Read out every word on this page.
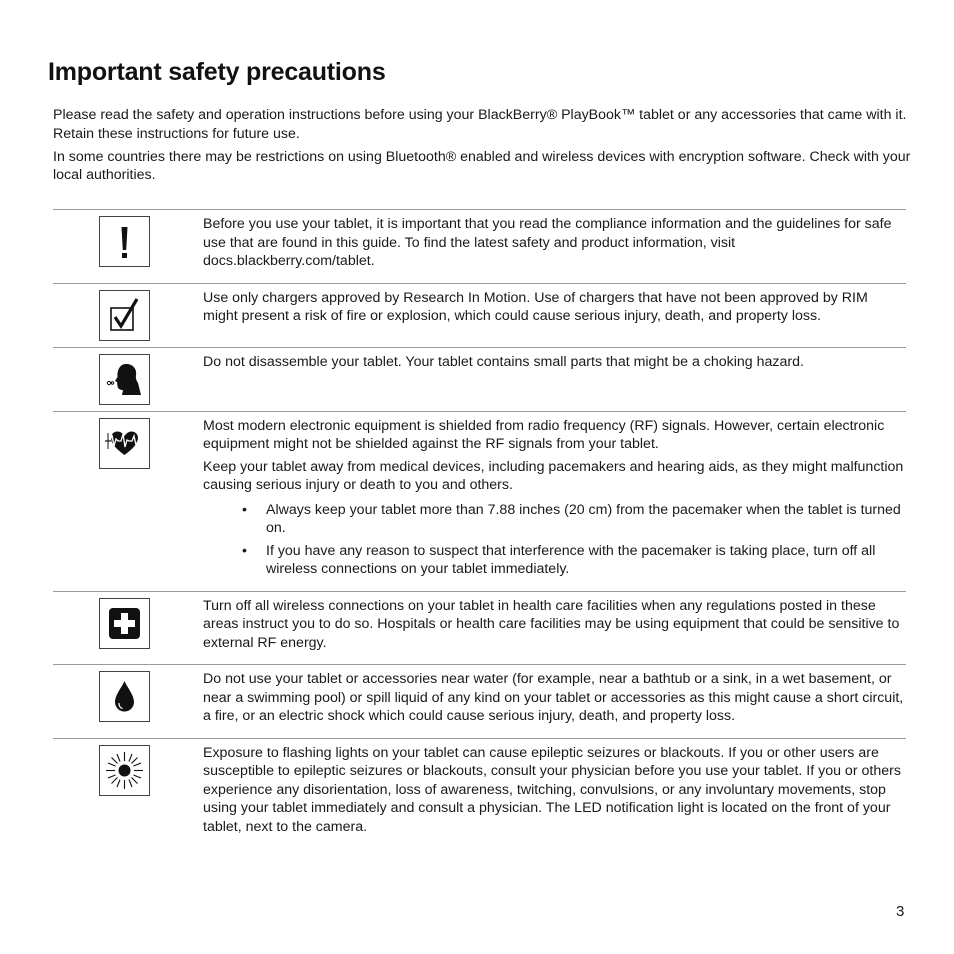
Important safety precautions

Please read the safety and operation instructions before using your BlackBerry® PlayBook™ tablet or any accessories that came with it. Retain these instructions for future use.

In some countries there may be restrictions on using Bluetooth® enabled and wireless devices with encryption software. Check with your local authorities.

Before you use your tablet, it is important that you read the compliance information and the guidelines for safe use that are found in this guide. To find the latest safety and product information, visit docs.blackberry.com/tablet.

Use only chargers approved by Research In Motion. Use of chargers that have not been approved by RIM might present a risk of fire or explosion, which could cause serious injury, death, and property loss.

Do not disassemble your tablet. Your tablet contains small parts that might be a choking hazard.

Most modern electronic equipment is shielded from radio frequency (RF) signals. However, certain electronic equipment might not be shielded against the RF signals from your tablet.

Keep your tablet away from medical devices, including pacemakers and hearing aids, as they might malfunction causing serious injury or death to you and others.

• Always keep your tablet more than 7.88 inches (20 cm) from the pacemaker when the tablet is turned on.
• If you have any reason to suspect that interference with the pacemaker is taking place, turn off all wireless connections on your tablet immediately.

Turn off all wireless connections on your tablet in health care facilities when any regulations posted in these areas instruct you to do so. Hospitals or health care facilities may be using equipment that could be sensitive to external RF energy.

Do not use your tablet or accessories near water (for example, near a bathtub or a sink, in a wet basement, or near a swimming pool) or spill liquid of any kind on your tablet or accessories as this might cause a short circuit, a fire, or an electric shock which could cause serious injury, death, and property loss.

Exposure to flashing lights on your tablet can cause epileptic seizures or blackouts. If you or other users are susceptible to epileptic seizures or blackouts, consult your physician before you use your tablet. If you or others experience any disorientation, loss of awareness, twitching, convulsions, or any involuntary movements, stop using your tablet immediately and consult a physician. The LED notification light is located on the front of your tablet, next to the camera.

3
